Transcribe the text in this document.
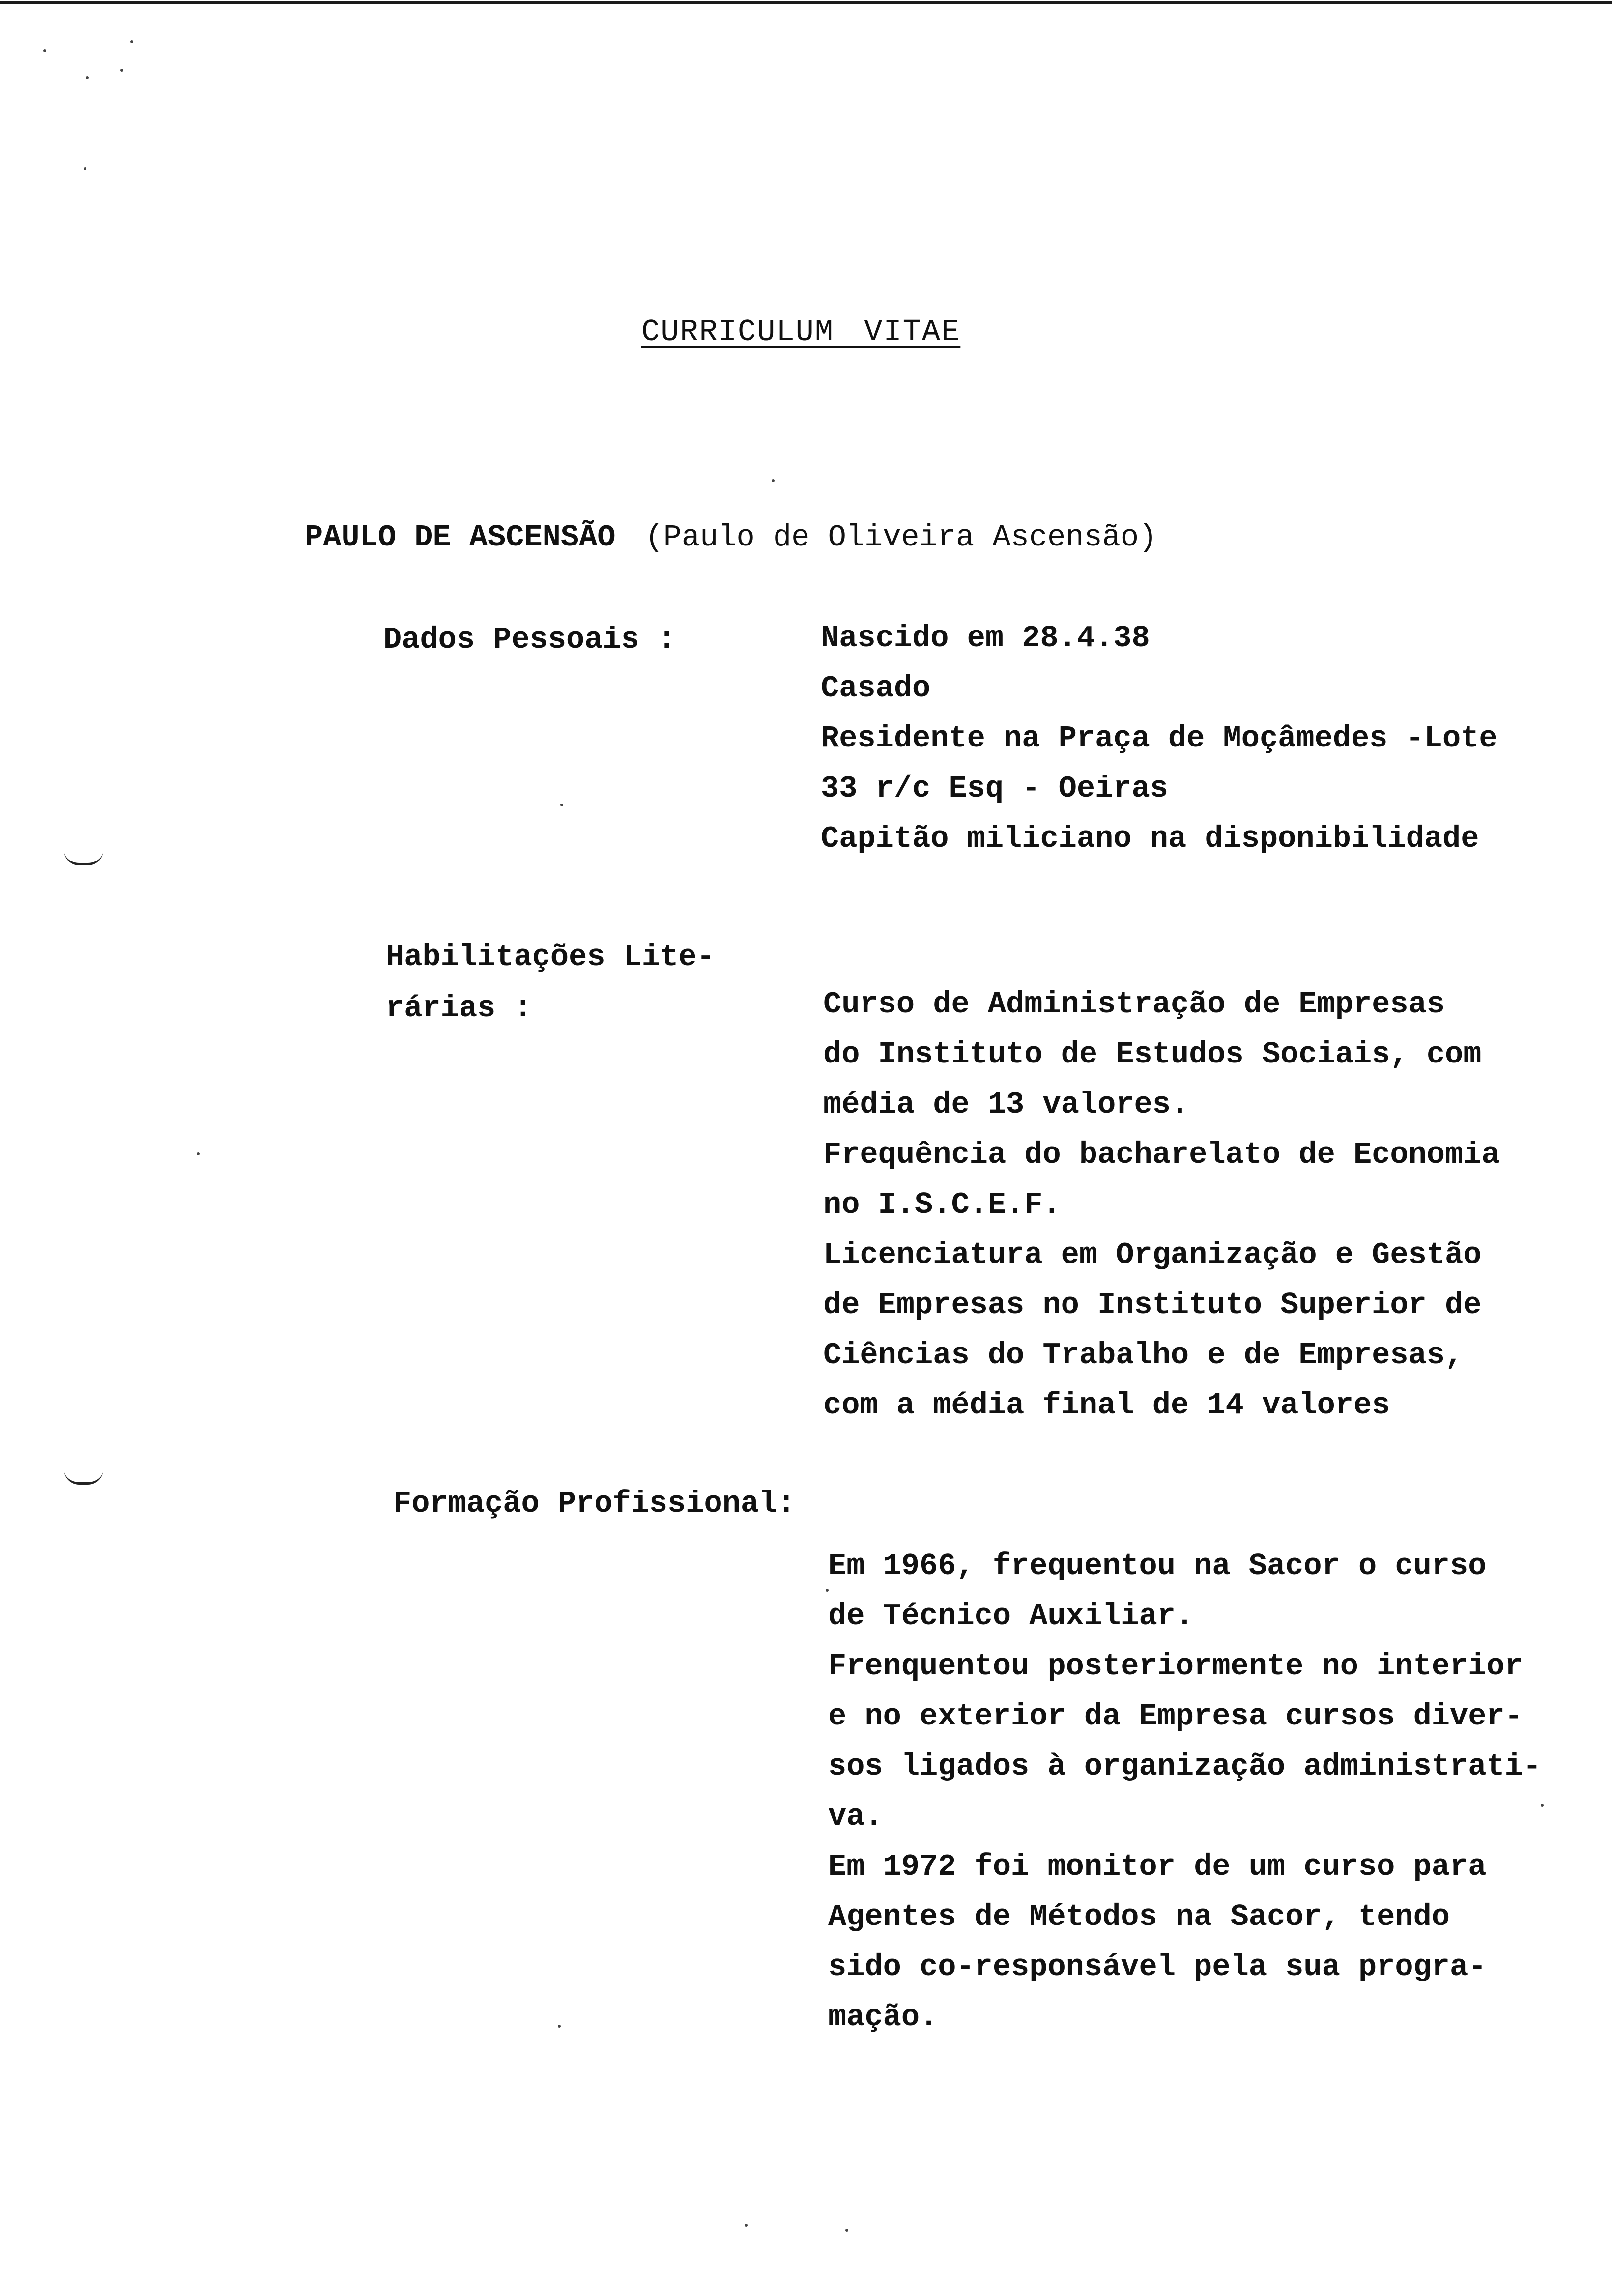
CURRICULUM VITAE
PAULO DE ASCENSÃO (Paulo de Oliveira Ascensão)
Dados Pessoais :	Nascido em 28.4.38
Casado
Residente na Praça de Moçâmedes -Lote
33 r/c Esq - Oeiras
Capitão miliciano na disponibilidade
Habilitações Lite-
rárias :	Curso de Administração de Empresas
do Instituto de Estudos Sociais, com
média de 13 valores.
Frequência do bacharelato de Economia
no I.S.C.E.F.
Licenciatura em Organização e Gestão
de Empresas no Instituto Superior de
Ciências do Trabalho e de Empresas,
com a média final de 14 valores
Formação Profissional:
Em 1966, frequentou na Sacor o curso
de Técnico Auxiliar.
Frenquentou posteriormente no interior
e no exterior da Empresa cursos diver-
sos ligados à organização administrati-
va.
Em 1972 foi monitor de um curso para
Agentes de Métodos na Sacor, tendo
sido co-responsável pela sua progra-
mação.
